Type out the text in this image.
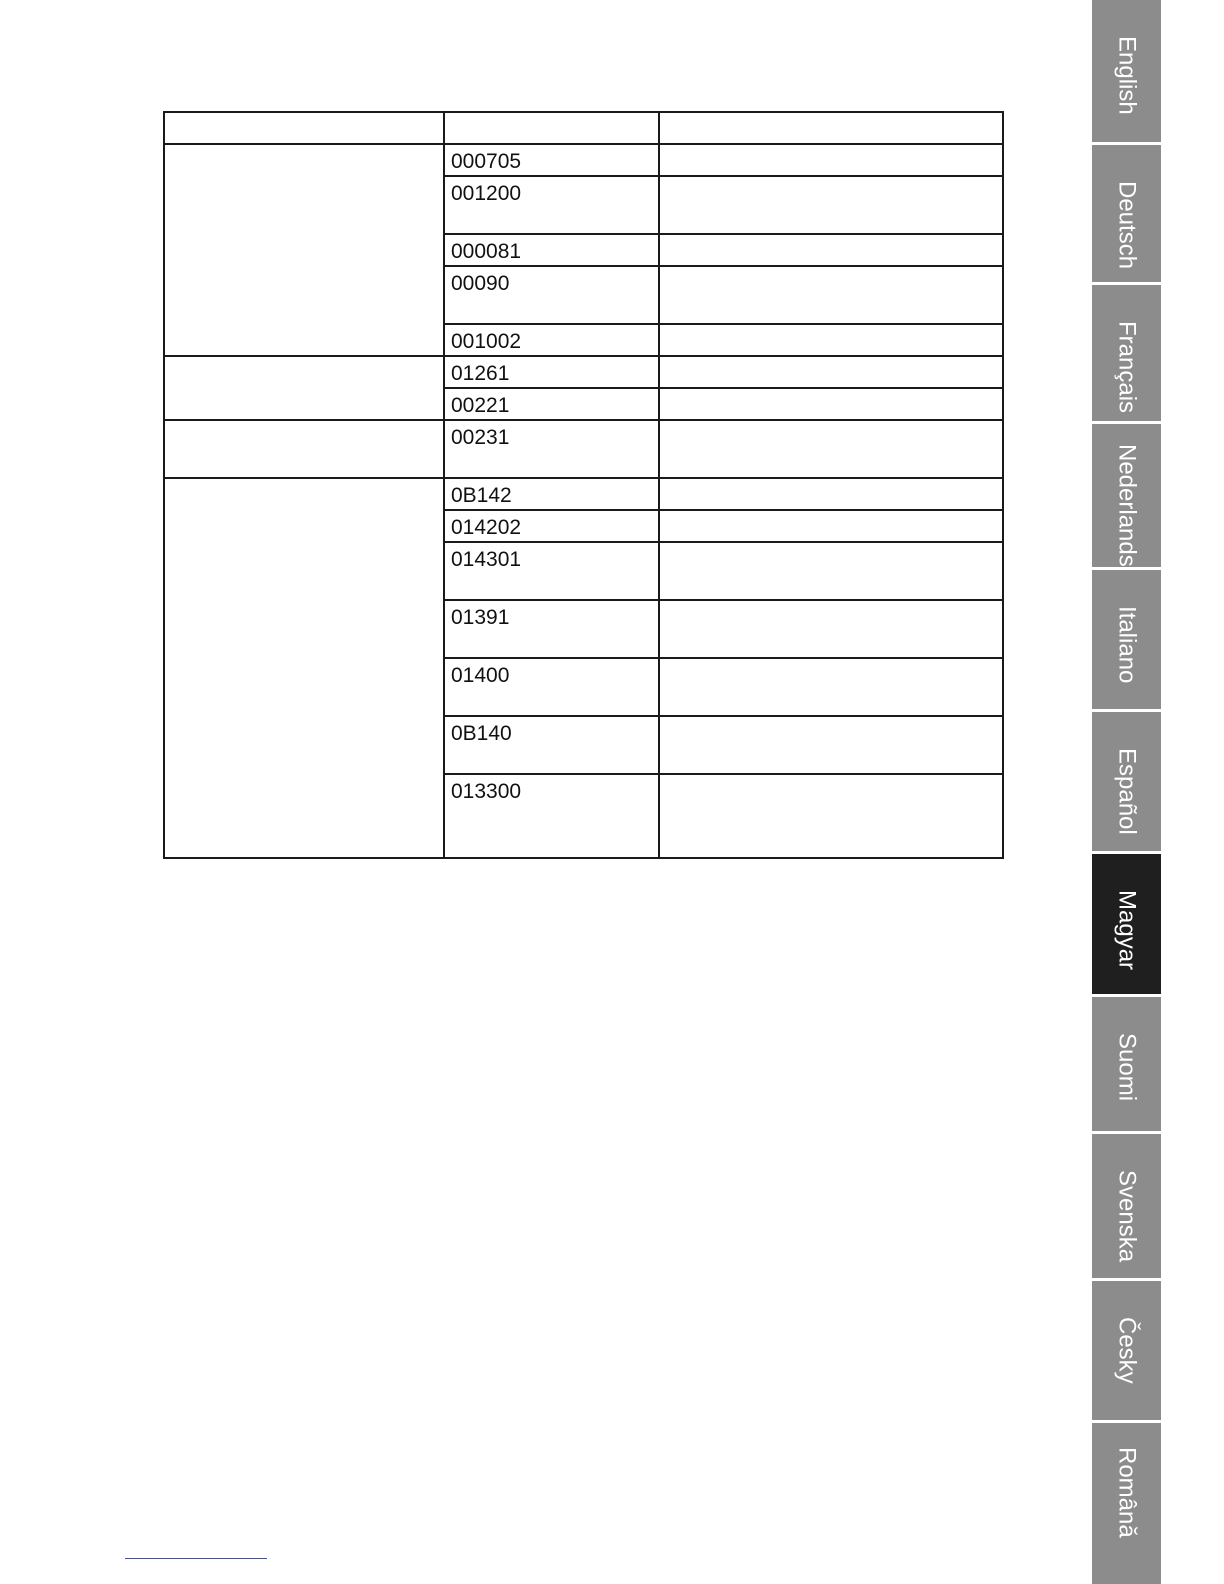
	000705	
	001200	
	000081	
	00090	
	001002	
	01261	
	00221	
	00231	
	0B142	
	014202	
	014301	
	01391	
	01400	
	0B140	
	013300	
English
Deutsch
Français
Nederlands
Italiano
Español
Magyar
Suomi
Svenska
Česky
Română
